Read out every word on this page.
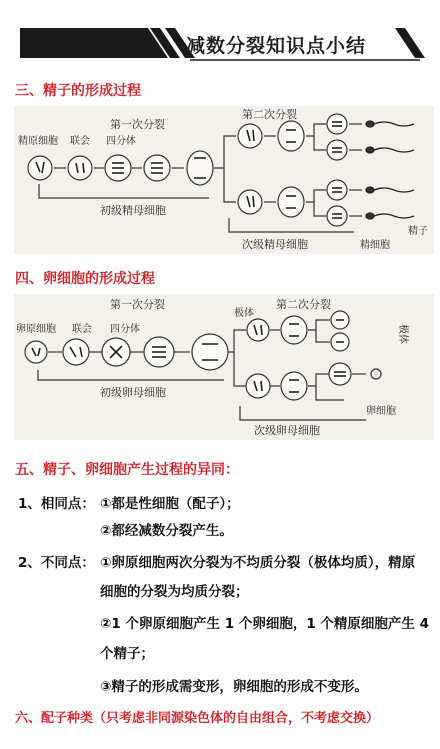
减数分裂知识点小结
三、精子的形成过程
第一次分裂
第二次分裂
精原细胞 联会 四分体
初级精母细胞
次级精母细胞	精细胞
精子
四、卵细胞的形成过程
第一次分裂	第二次分裂
卵原细胞 联会 四分体
极体
极体
初级卵母细胞
次级卵母细胞
卵细胞
五、精子、卵细胞产生过程的异同：
1、相同点： ①都是性细胞（配子）；
②都经减数分裂产生。
2、不同点： ①卵原细胞两次分裂为不均质分裂（极体均质），精原
细胞的分裂为均质分裂；
②1 个卵原细胞产生 1 个卵细胞，1 个精原细胞产生 4
个精子；
③精子的形成需变形，卵细胞的形成不变形。
六、配子种类（只考虑非同源染色体的自由组合，不考虑交换）
